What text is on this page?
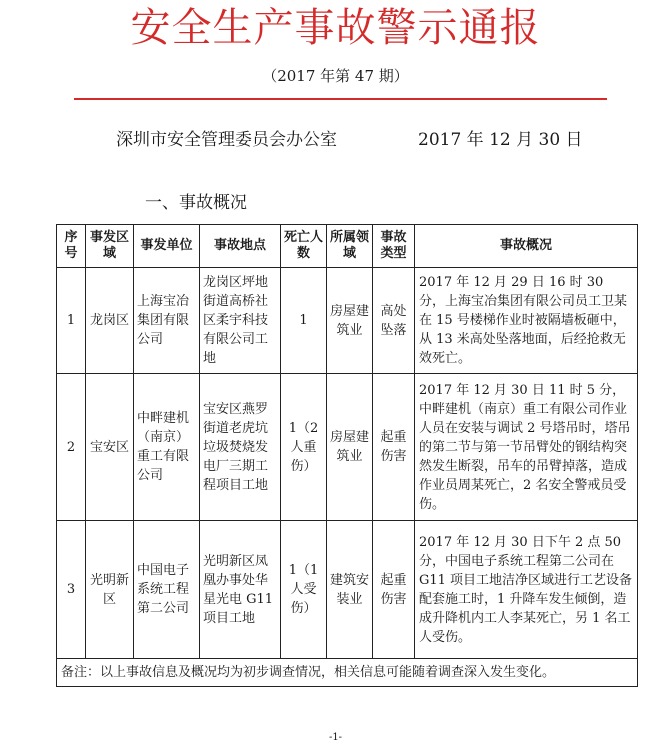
安全生产事故警示通报
（2017 年第 47 期）
深圳市安全管理委员会办公室	2017 年 12 月 30 日
一、事故概况
序号	事发区域	事发单位	事故地点	死亡人数	所属领域	事故类型	事故概况
1	龙岗区	上海宝冶集团有限公司	龙岗区坪地街道高桥社区柔宇科技有限公司工地	1	房屋建筑业	高处坠落	2017 年 12 月 29 日 16 时 30 分，上海宝冶集团有限公司员工卫某在 15 号楼梯作业时被隔墙板砸中，从 13 米高处坠落地面，后经抢救无效死亡。
2	宝安区	中畔建机（南京）重工有限公司	宝安区燕罗街道老虎坑垃圾焚烧发电厂三期工程项目工地	1（2 人重伤）	房屋建筑业	起重伤害	2017 年 12 月 30 日 11 时 5 分，中畔建机（南京）重工有限公司作业人员在安装与调试 2 号塔吊时，塔吊的第二节与第一节吊臂处的钢结构突然发生断裂，吊车的吊臂掉落，造成作业员周某死亡，2 名安全警戒员受伤。
3	光明新区	中国电子系统工程第二公司	光明新区凤凰办事处华星光电 G11 项目工地	1（1 人受伤）	建筑安装业	起重伤害	2017 年 12 月 30 日下午 2 点 50 分，中国电子系统工程第二公司在 G11 项目工地洁净区域进行工艺设备配套施工时，1 升降车发生倾倒，造成升降机内工人李某死亡，另 1 名工人受伤。
备注：以上事故信息及概况均为初步调查情况，相关信息可能随着调查深入发生变化。							
-1-
